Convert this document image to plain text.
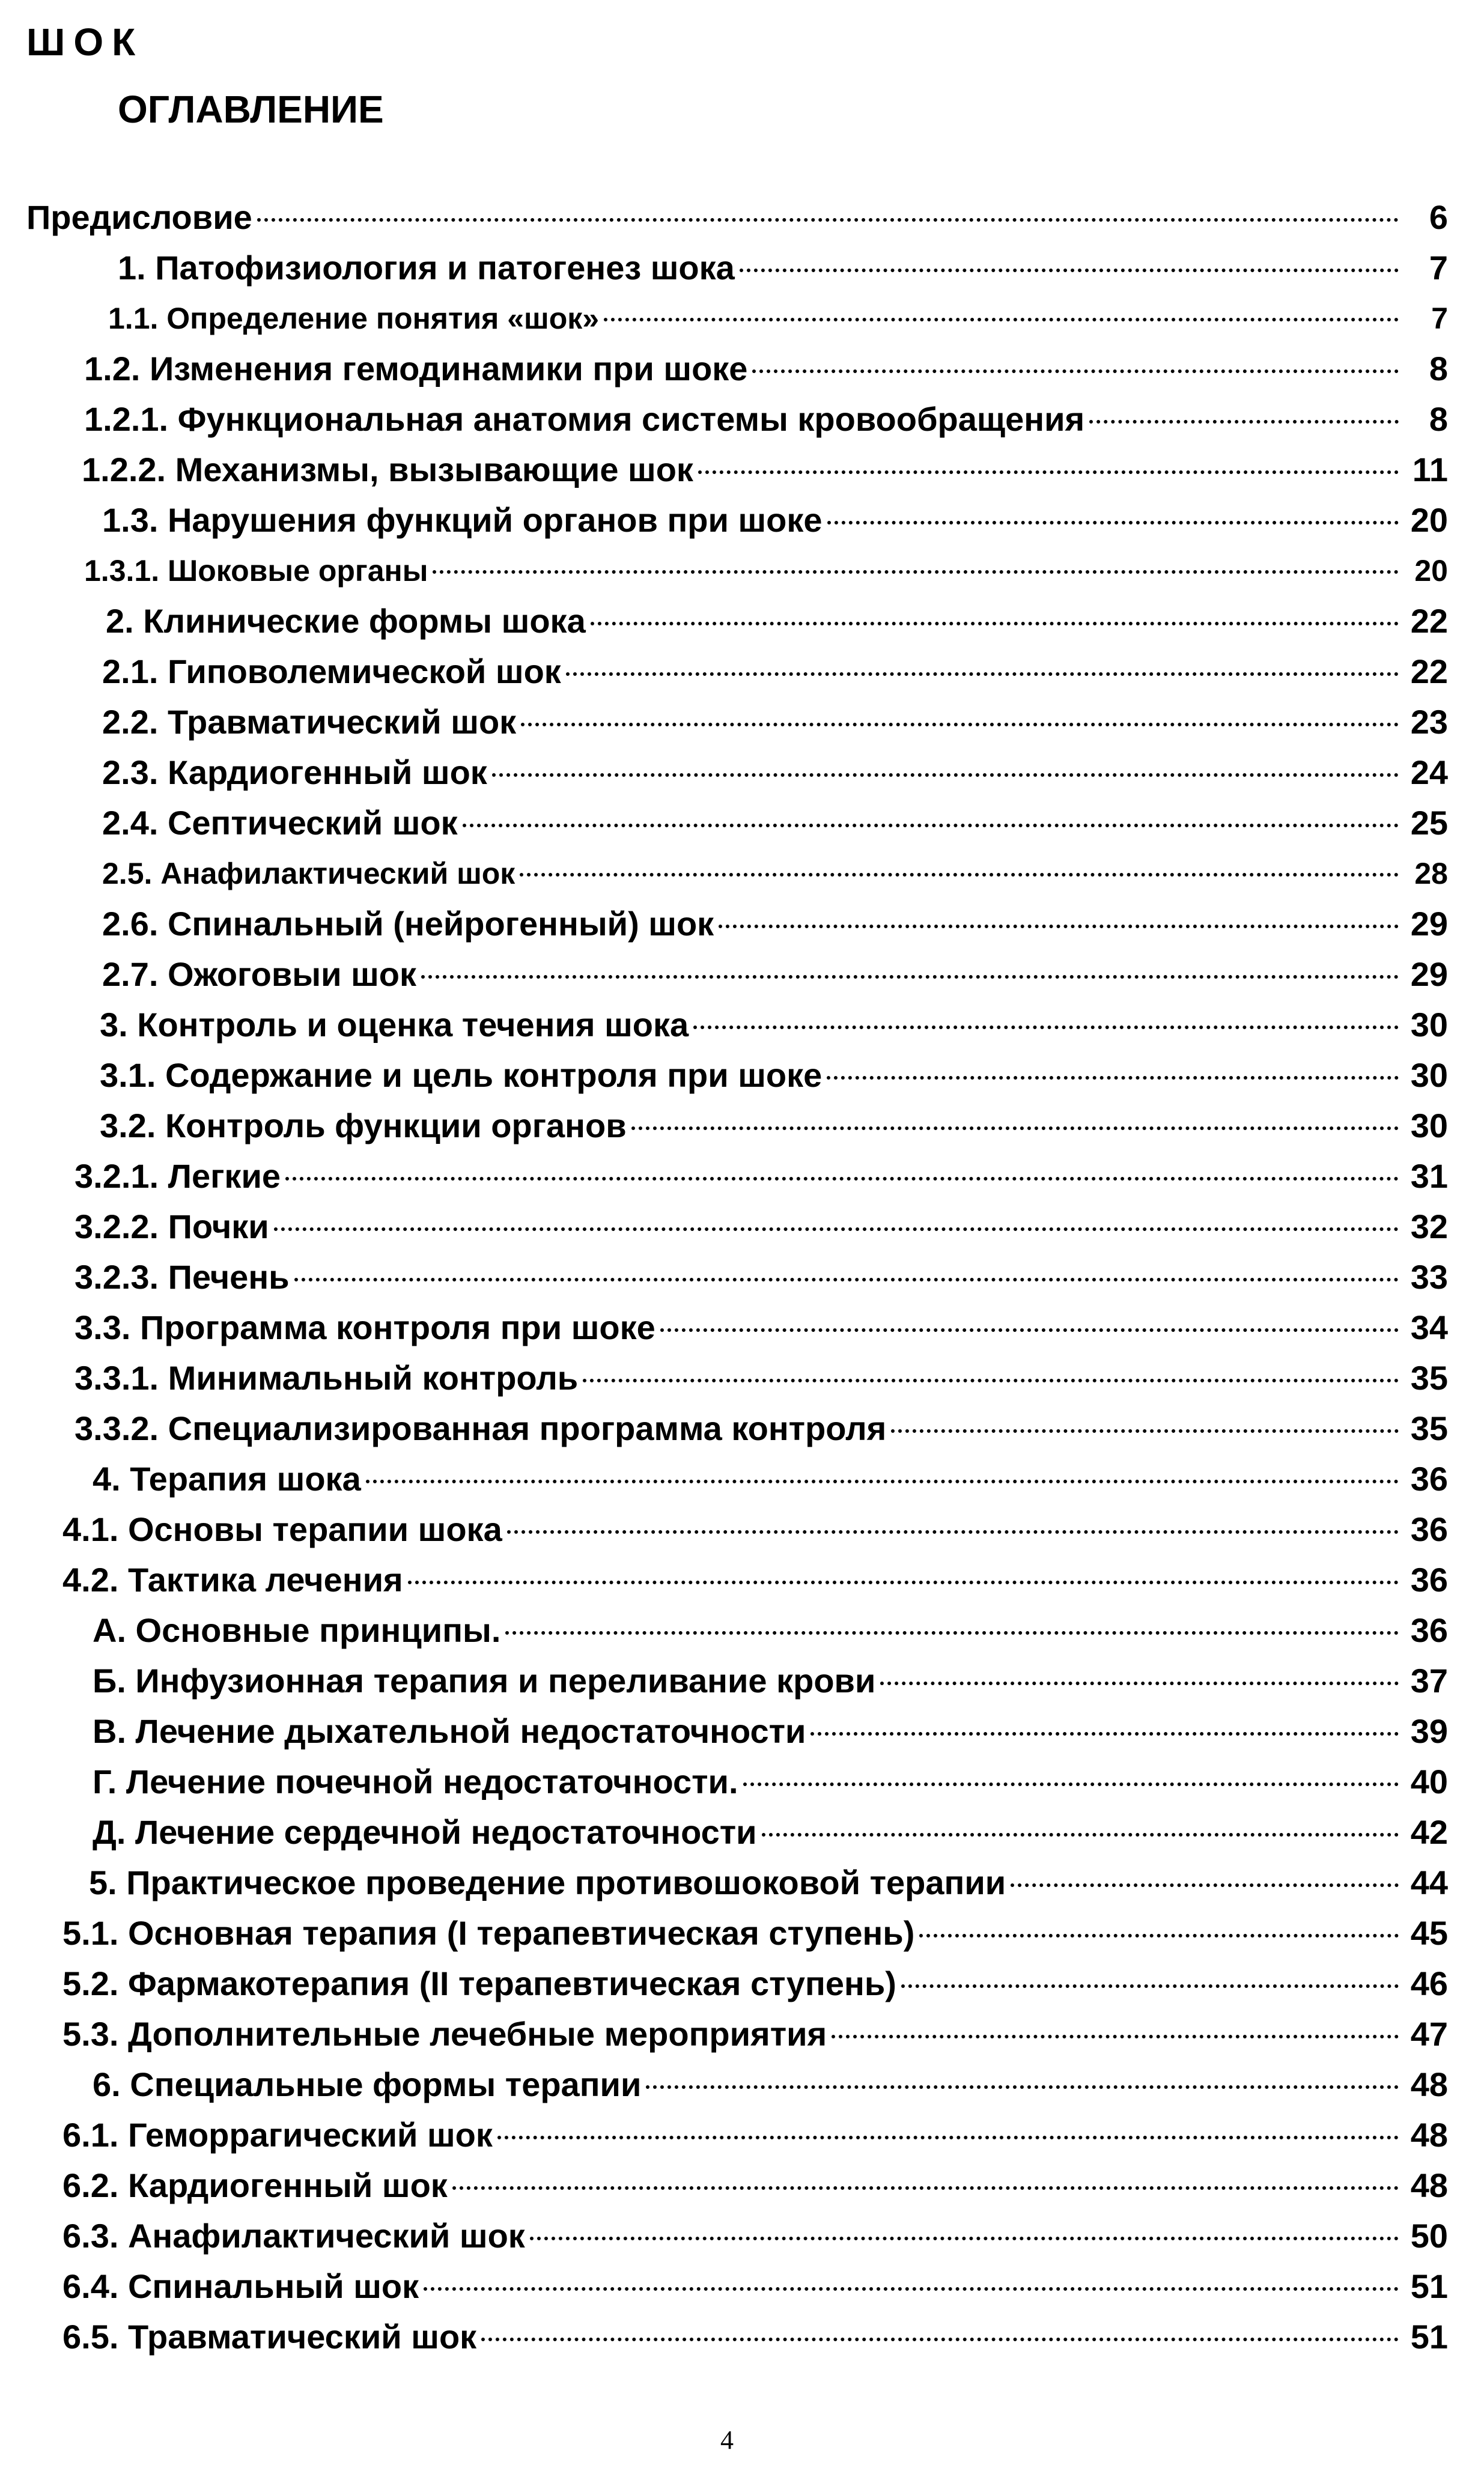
ШОК
ОГЛАВЛЕНИЕ
Предисловие	6
1. Патофизиология и патогенез шока	7
1.1. Определение понятия «шок»	7
1.2. Изменения гемодинамики при шоке	8
1.2.1. Функциональная анатомия системы кровообращения	8
1.2.2. Механизмы, вызывающие шок	11
1.3. Нарушения функций органов при шоке	20
1.3.1. Шоковые органы	20
2. Клинические формы шока	22
2.1. Гиповолемической шок	22
2.2. Травматический шок	23
2.3. Кардиогенный шок	24
2.4. Септический шок	25
2.5. Анафилактический шок	28
2.6. Спинальный (нейрогенный) шок	29
2.7. Ожоговыи шок	29
3. Контроль и оценка течения шока	30
3.1. Содержание и цель контроля при шоке	30
3.2. Контроль функции органов	30
3.2.1. Легкие	31
3.2.2. Почки	32
3.2.3. Печень	33
3.3. Программа контроля при шоке	34
3.3.1. Минимальный контроль	35
3.3.2. Специализированная программа контроля	35
4. Терапия шока	36
4.1. Основы терапии шока	36
4.2. Тактика лечения	36
А. Основные принципы.	36
Б. Инфузионная терапия и переливание крови	37
В. Лечение дыхательной недостаточности	39
Г. Лечение почечной недостаточности.	40
Д. Лечение сердечной недостаточности	42
5. Практическое проведение противошоковой терапии	44
5.1. Основная терапия (I терапевтическая ступень)	45
5.2. Фармакотерапия (II терапевтическая ступень)	46
5.3. Дополнительные лечебные мероприятия	47
6. Специальные формы терапии	48
6.1. Геморрагический шок	48
6.2. Кардиогенный шок	48
6.3. Анафилактический шок	50
6.4. Спинальный шок	51
6.5. Травматический шок	51
4
